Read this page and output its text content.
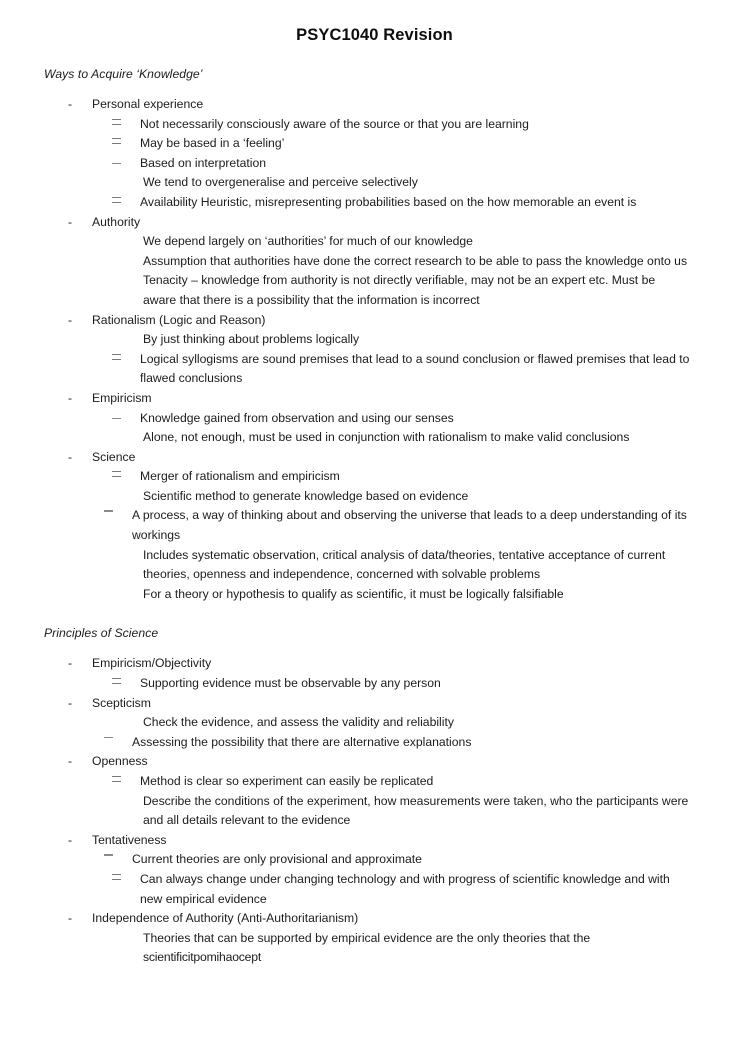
PSYC1040 Revision
Ways to Acquire ‘Knowledge’
- Personal experience
Not necessarily consciously aware of the source or that you are learning
May be based in a ‘feeling’
Based on interpretation
We tend to overgeneralise and perceive selectively
Availability Heuristic, misrepresenting probabilities based on the how memorable an event is
- Authority
We depend largely on ‘authorities’ for much of our knowledge
Assumption that authorities have done the correct research to be able to pass the knowledge onto us
Tenacity – knowledge from authority is not directly verifiable, may not be an expert etc. Must be aware that there is a possibility that the information is incorrect
- Rationalism (Logic and Reason)
By just thinking about problems logically
Logical syllogisms are sound premises that lead to a sound conclusion or flawed premises that lead to flawed conclusions
- Empiricism
Knowledge gained from observation and using our senses
Alone, not enough, must be used in conjunction with rationalism to make valid conclusions
- Science
Merger of rationalism and empiricism
Scientific method to generate knowledge based on evidence
A process, a way of thinking about and observing the universe that leads to a deep understanding of its workings
Includes systematic observation, critical analysis of data/theories, tentative acceptance of current theories, openness and independence, concerned with solvable problems
For a theory or hypothesis to qualify as scientific, it must be logically falsifiable
Principles of Science
- Empiricism/Objectivity
Supporting evidence must be observable by any person
- Scepticism
Check the evidence, and assess the validity and reliability
Assessing the possibility that there are alternative explanations
- Openness
Method is clear so experiment can easily be replicated
Describe the conditions of the experiment, how measurements were taken, who the participants were and all details relevant to the evidence
- Tentativeness
Current theories are only provisional and approximate
Can always change under changing technology and with progress of scientific knowledge and with new empirical evidence
- Independence of Authority (Anti-Authoritarianism)
Theories that can be supported by empirical evidence are the only theories that the
scientificitpomihaocept
